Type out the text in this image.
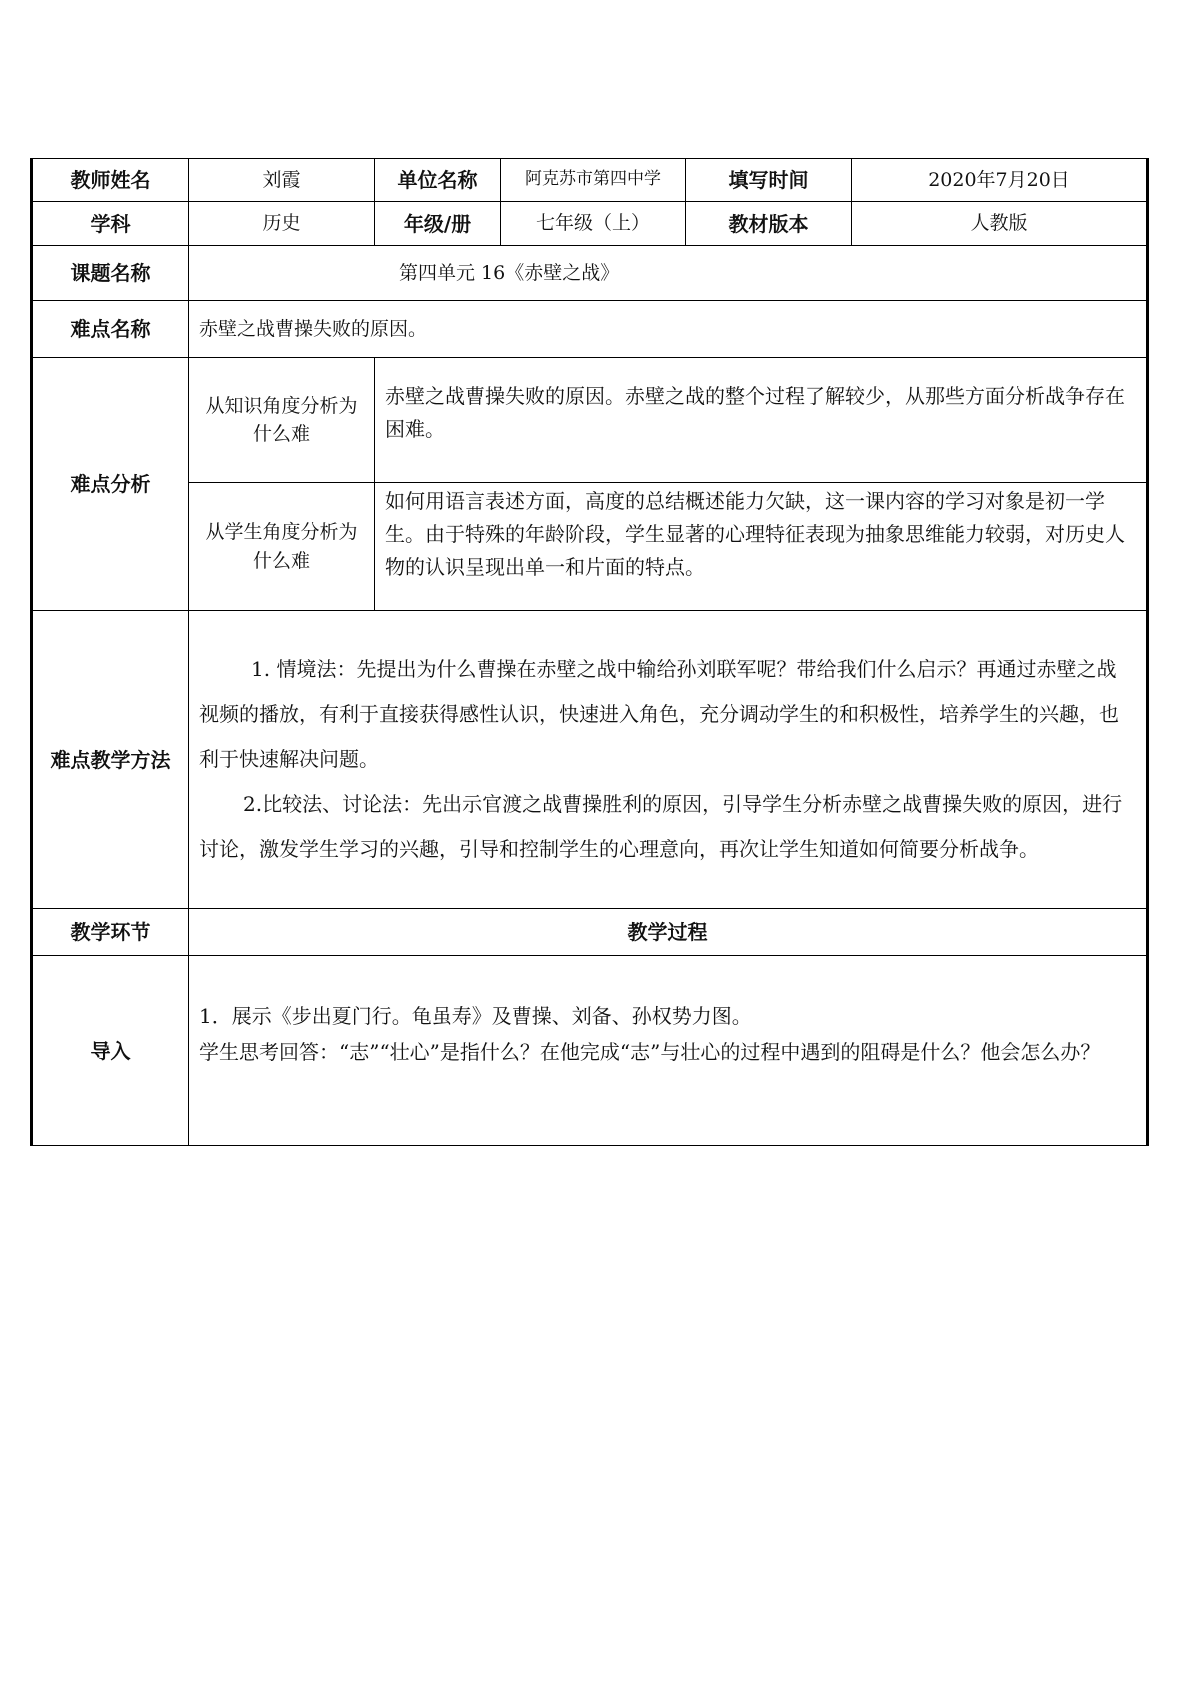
教师姓名	刘霞	单位名称	阿克苏市第四中学	填写时间	2020年7月20日
学科	历史	年级/册	七年级（上）	教材版本	人教版
课题名称	第四单元 16《赤壁之战》				
难点名称	赤壁之战曹操失败的原因。				
难点分析	从知识角度分析为什么难	赤壁之战曹操失败的原因。赤壁之战的整个过程了解较少，从那些方面分析战争存在困难。			
	从学生角度分析为什么难	如何用语言表述方面，高度的总结概述能力欠缺，这一课内容的学习对象是初一学生。由于特殊的年龄阶段，学生显著的心理特征表现为抽象思维能力较弱，对历史人物的认识呈现出单一和片面的特点。			
难点教学方法	1. 情境法：先提出为什么曹操在赤壁之战中输给孙刘联军呢？带给我们什么启示？再通过赤壁之战视频的播放，有利于直接获得感性认识，快速进入角色，充分调动学生的和积极性，培养学生的兴趣，也利于快速解决问题。

2.比较法、讨论法：先出示官渡之战曹操胜利的原因，引导学生分析赤壁之战曹操失败的原因，进行讨论，激发学生学习的兴趣，引导和控制学生的心理意向，再次让学生知道如何简要分析战争。				

教学环节	教学过程				
导入	1．展示《步出夏门行。龟虽寿》及曹操、刘备、孙权势力图。

学生思考回答：“志”“壮心”是指什么？在他完成“志”与壮心的过程中遇到的阻碍是什么？他会怎么办？				
